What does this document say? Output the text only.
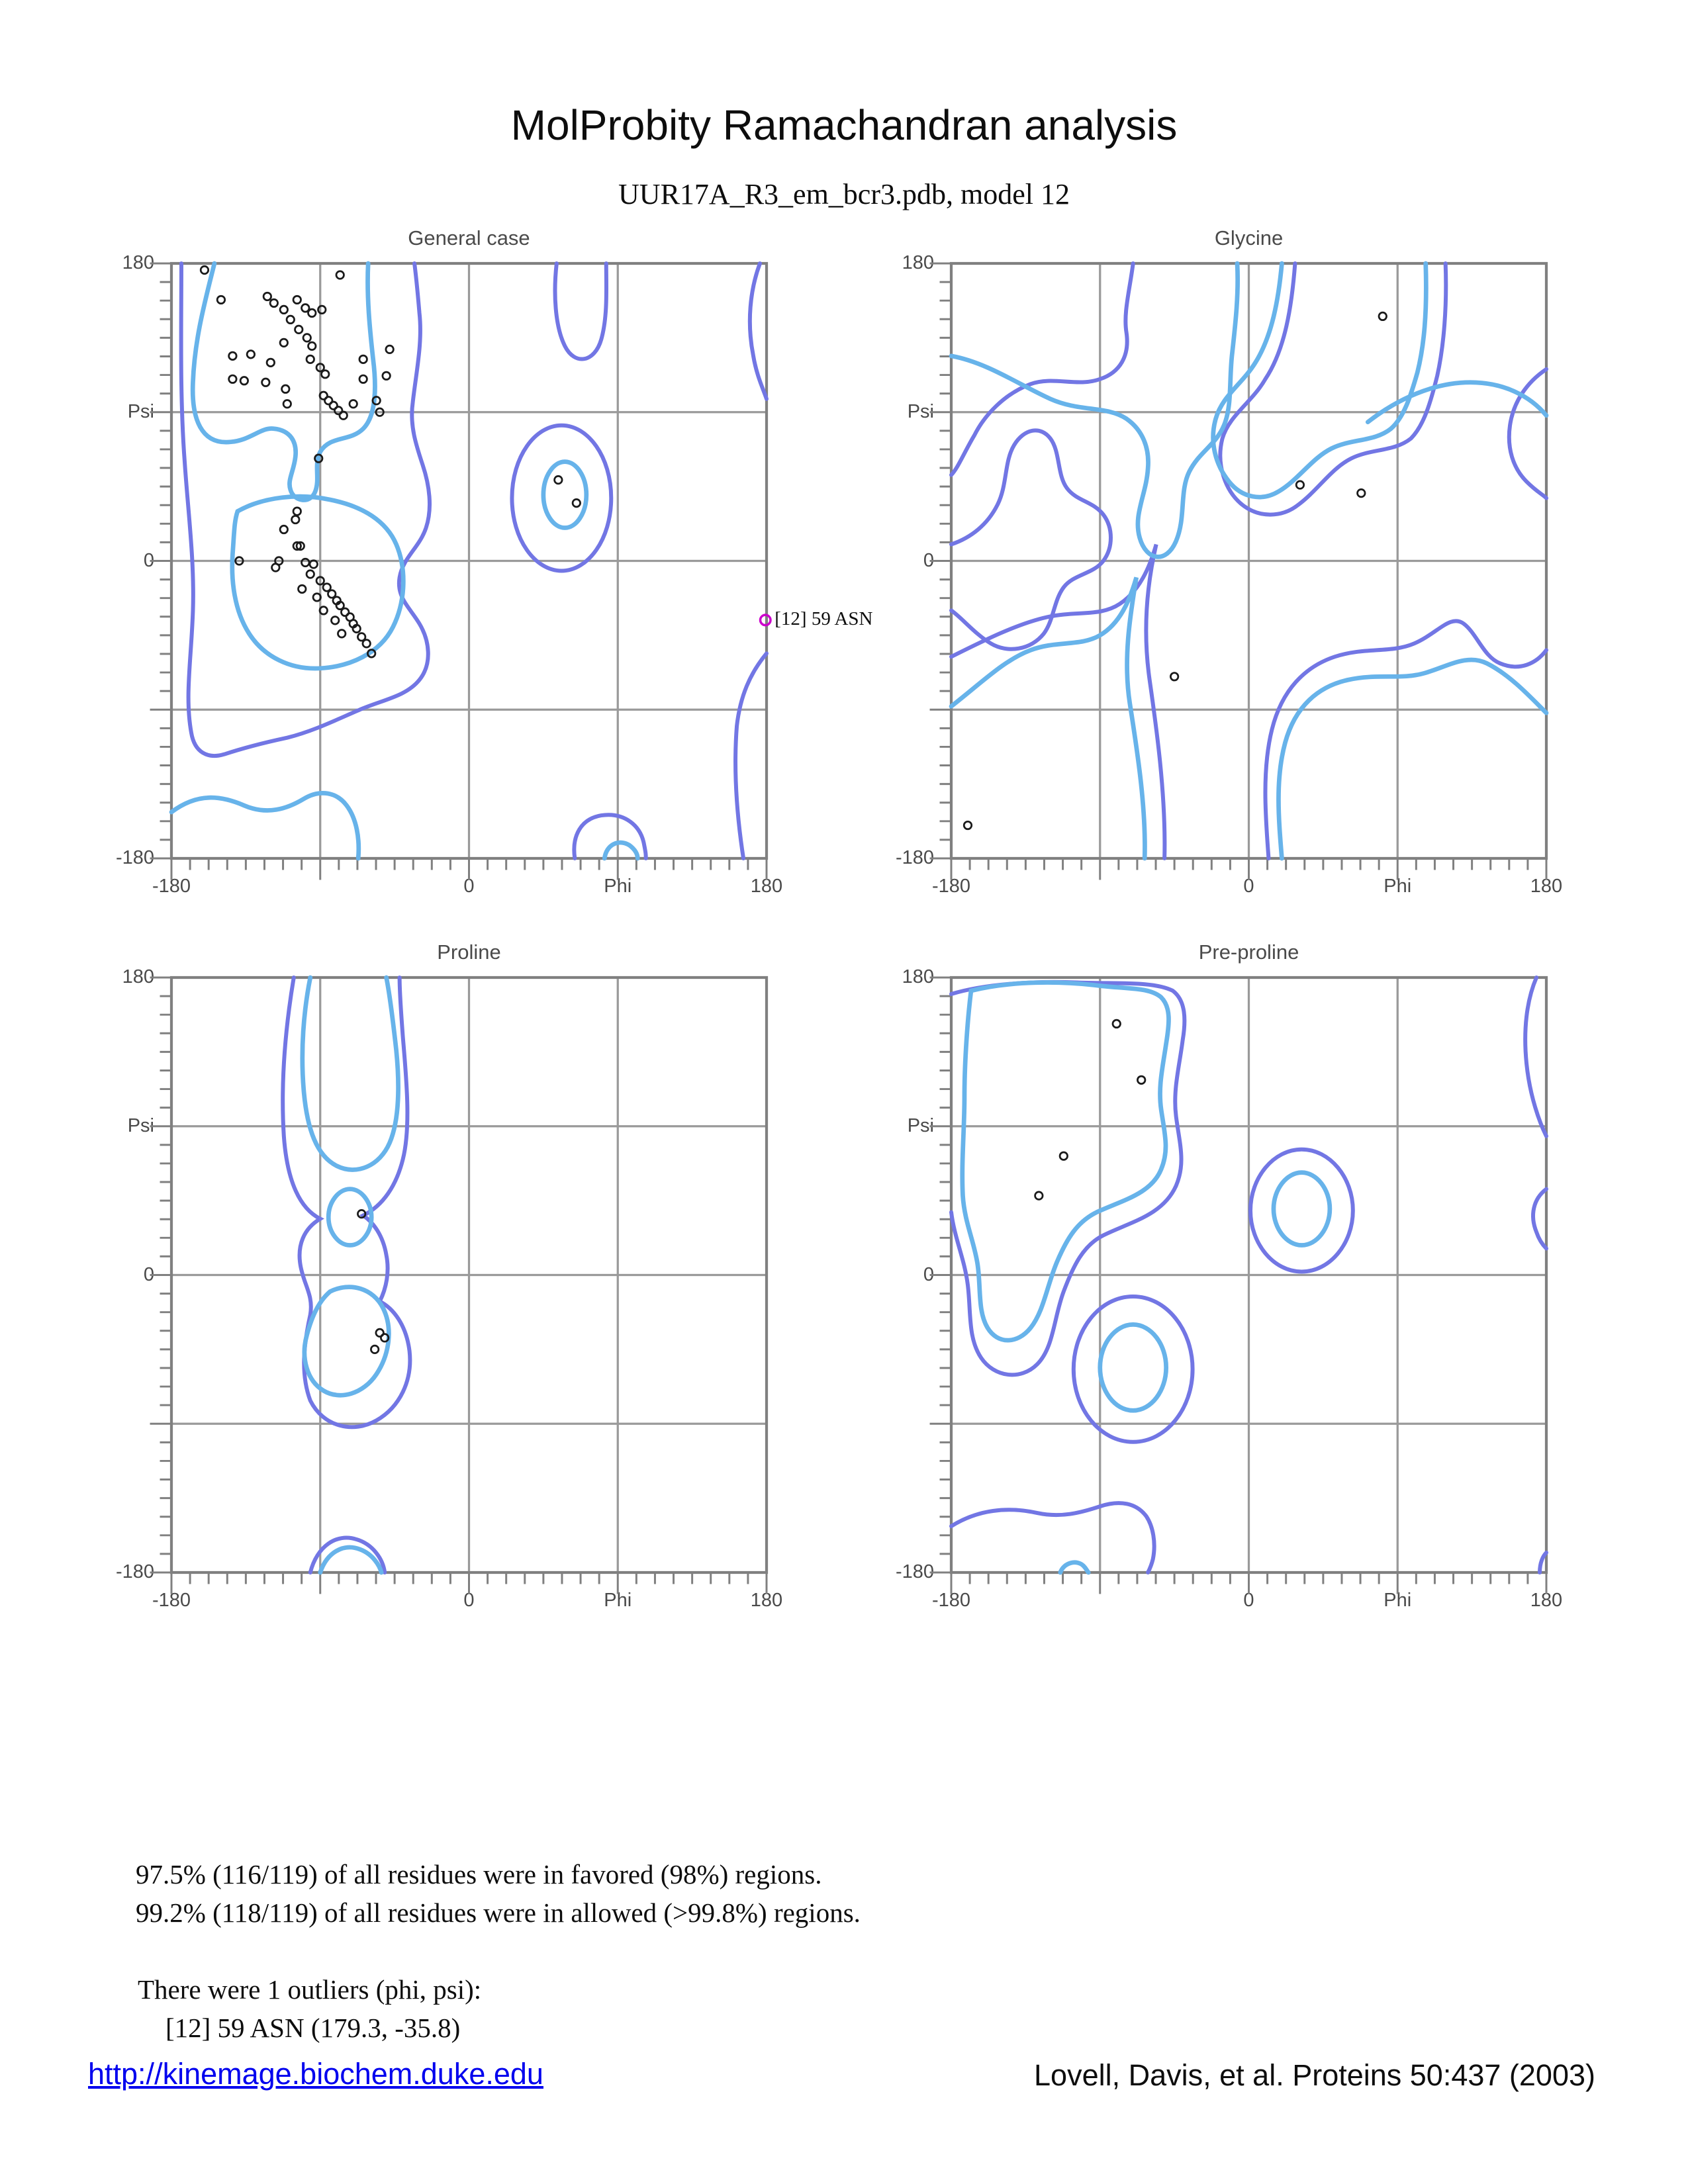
MolProbity Ramachandran analysis
UUR17A_R3_em_bcr3.pdb, model 12
General case
[12] 59 ASN
180
Psi
0
-180
-180	0	Phi	180
Glycine
180
Psi
0
-180
-180	0	Phi	180
Proline
180
Psi
0
-180
-180	0	Phi	180
Pre-proline
180
Psi
0
-180
-180	0	Phi	180
97.5% (116/119) of all residues were in favored (98%) regions.
99.2% (118/119) of all residues were in allowed (>99.8%) regions.
There were 1 outliers (phi, psi):
[12] 59 ASN (179.3, -35.8)
http://kinemage.biochem.duke.edu	Lovell, Davis, et al. Proteins 50:437 (2003)
